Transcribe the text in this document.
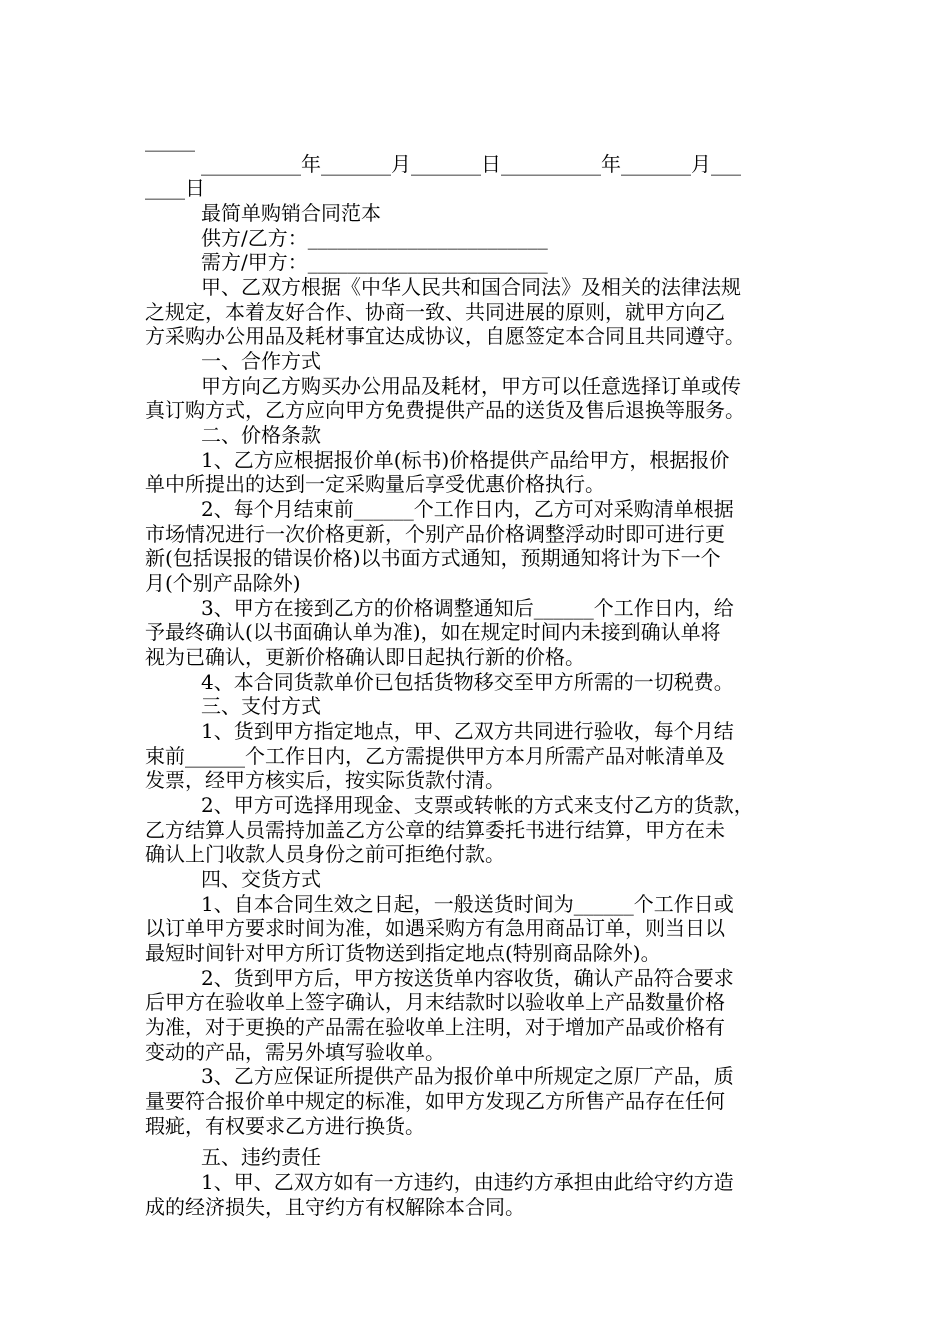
_____
__________年_______月_______日__________年_______月___
____日
最简单购销合同范本
供方/乙方：________________________
需方/甲方：________________________
甲、乙双方根据《中华人民共和国合同法》及相关的法律法规
之规定，本着友好合作、协商一致、共同进展的原则，就甲方向乙
方采购办公用品及耗材事宜达成协议，自愿签定本合同且共同遵守。
一、合作方式
甲方向乙方购买办公用品及耗材，甲方可以任意选择订单或传
真订购方式，乙方应向甲方免费提供产品的送货及售后退换等服务。
二、价格条款
1、乙方应根据报价单(标书)价格提供产品给甲方，根据报价
单中所提出的达到一定采购量后享受优惠价格执行。
2、每个月结束前______个工作日内，乙方可对采购清单根据
市场情况进行一次价格更新，个别产品价格调整浮动时即可进行更
新(包括误报的错误价格)以书面方式通知，预期通知将计为下一个
月(个别产品除外)
3、甲方在接到乙方的价格调整通知后______个工作日内，给
予最终确认(以书面确认单为准)，如在规定时间内未接到确认单将
视为已确认，更新价格确认即日起执行新的价格。
4、本合同货款单价已包括货物移交至甲方所需的一切税费。
三、支付方式
1、货到甲方指定地点，甲、乙双方共同进行验收，每个月结
束前______个工作日内，乙方需提供甲方本月所需产品对帐清单及
发票，经甲方核实后，按实际货款付清。
2、甲方可选择用现金、支票或转帐的方式来支付乙方的货款，
乙方结算人员需持加盖乙方公章的结算委托书进行结算，甲方在未
确认上门收款人员身份之前可拒绝付款。
四、交货方式
1、自本合同生效之日起，一般送货时间为______个工作日或
以订单甲方要求时间为准，如遇采购方有急用商品订单，则当日以
最短时间针对甲方所订货物送到指定地点(特别商品除外)。
2、货到甲方后，甲方按送货单内容收货，确认产品符合要求
后甲方在验收单上签字确认，月末结款时以验收单上产品数量价格
为准，对于更换的产品需在验收单上注明，对于增加产品或价格有
变动的产品，需另外填写验收单。
3、乙方应保证所提供产品为报价单中所规定之原厂产品，质
量要符合报价单中规定的标准，如甲方发现乙方所售产品存在任何
瑕疵，有权要求乙方进行换货。
五、违约责任
1、甲、乙双方如有一方违约，由违约方承担由此给守约方造
成的经济损失，且守约方有权解除本合同。
